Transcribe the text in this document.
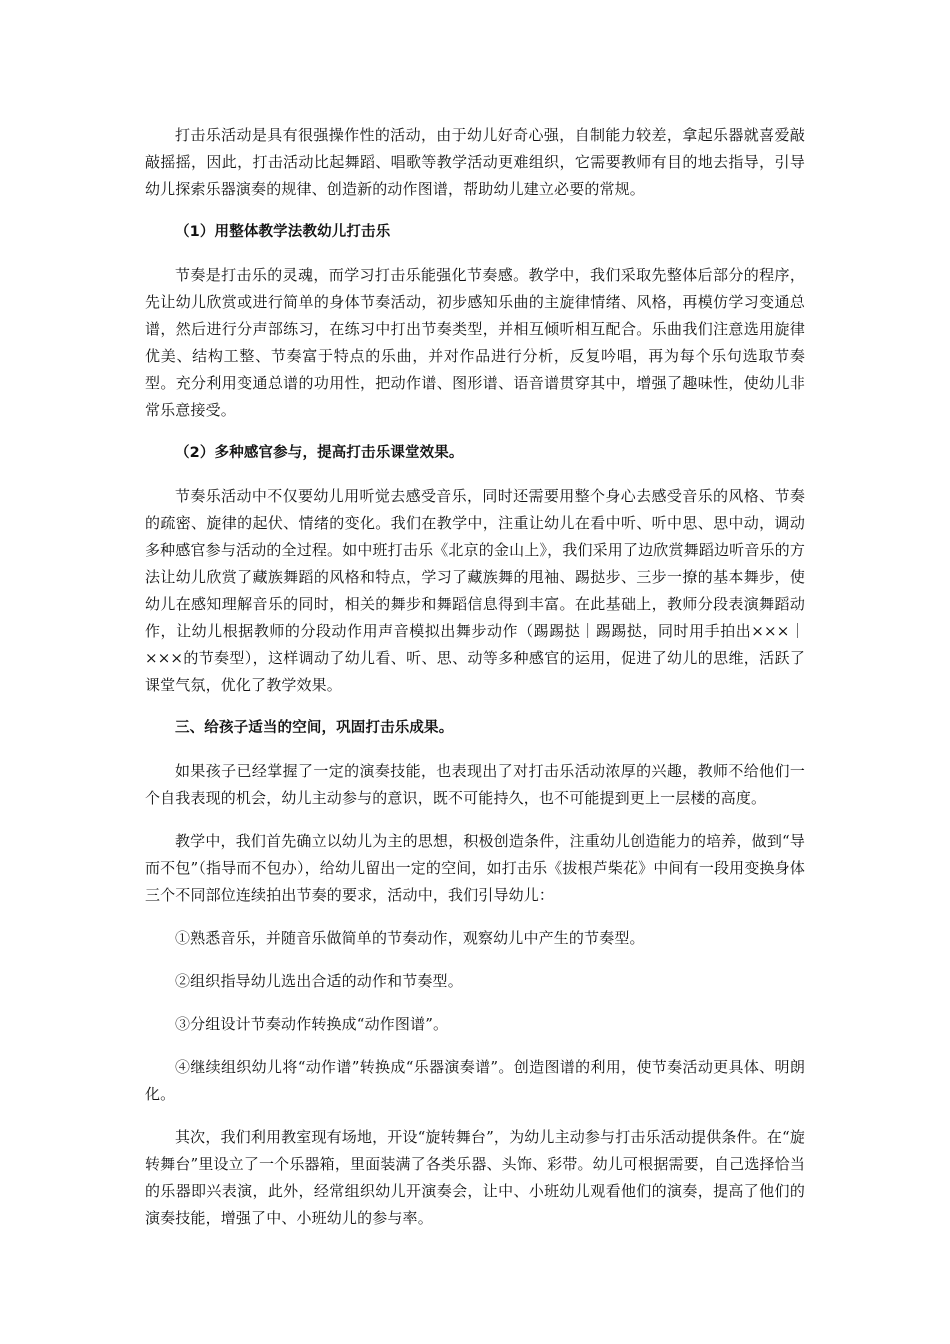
打击乐活动是具有很强操作性的活动，由于幼儿好奇心强，自制能力较差，拿起乐器就喜爱敲敲摇摇，因此，打击活动比起舞蹈、唱歌等教学活动更难组织，它需要教师有目的地去指导，引导幼儿探索乐器演奏的规律、创造新的动作图谱，帮助幼儿建立必要的常规。

（1）用整体教学法教幼儿打击乐

节奏是打击乐的灵魂，而学习打击乐能强化节奏感。教学中，我们采取先整体后部分的程序，先让幼儿欣赏或进行简单的身体节奏活动，初步感知乐曲的主旋律情绪、风格，再模仿学习变通总谱，然后进行分声部练习，在练习中打出节奏类型，并相互倾听相互配合。乐曲我们注意选用旋律优美、结构工整、节奏富于特点的乐曲，并对作品进行分析，反复吟唱，再为每个乐句选取节奏型。充分利用变通总谱的功用性，把动作谱、图形谱、语音谱贯穿其中，增强了趣味性，使幼儿非常乐意接受。

（2）多种感官参与，提高打击乐课堂效果。

节奏乐活动中不仅要幼儿用听觉去感受音乐，同时还需要用整个身心去感受音乐的风格、节奏的疏密、旋律的起伏、情绪的变化。我们在教学中，注重让幼儿在看中听、听中思、思中动，调动多种感官参与活动的全过程。如中班打击乐《北京的金山上》，我们采用了边欣赏舞蹈边听音乐的方法让幼儿欣赏了藏族舞蹈的风格和特点，学习了藏族舞的甩袖、踢挞步、三步一撩的基本舞步，使幼儿在感知理解音乐的同时，相关的舞步和舞蹈信息得到丰富。在此基础上，教师分段表演舞蹈动作，让幼儿根据教师的分段动作用声音模拟出舞步动作（踢踢挞｜踢踢挞，同时用手拍出×××｜×××的节奏型），这样调动了幼儿看、听、思、动等多种感官的运用，促进了幼儿的思维，活跃了课堂气氛，优化了教学效果。

三、给孩子适当的空间，巩固打击乐成果。

如果孩子已经掌握了一定的演奏技能，也表现出了对打击乐活动浓厚的兴趣，教师不给他们一个自我表现的机会，幼儿主动参与的意识，既不可能持久，也不可能提到更上一层楼的高度。

教学中，我们首先确立以幼儿为主的思想，积极创造条件，注重幼儿创造能力的培养，做到“导而不包”（指导而不包办），给幼儿留出一定的空间，如打击乐《拔根芦柴花》中间有一段用变换身体三个不同部位连续拍出节奏的要求，活动中，我们引导幼儿：

①熟悉音乐，并随音乐做简单的节奏动作，观察幼儿中产生的节奏型。

②组织指导幼儿选出合适的动作和节奏型。

③分组设计节奏动作转换成“动作图谱”。

④继续组织幼儿将“动作谱”转换成“乐器演奏谱”。创造图谱的利用，使节奏活动更具体、明朗化。

其次，我们利用教室现有场地，开设“旋转舞台”，为幼儿主动参与打击乐活动提供条件。在“旋转舞台”里设立了一个乐器箱，里面装满了各类乐器、头饰、彩带。幼儿可根据需要，自己选择恰当的乐器即兴表演，此外，经常组织幼儿开演奏会，让中、小班幼儿观看他们的演奏，提高了他们的演奏技能，增强了中、小班幼儿的参与率。
